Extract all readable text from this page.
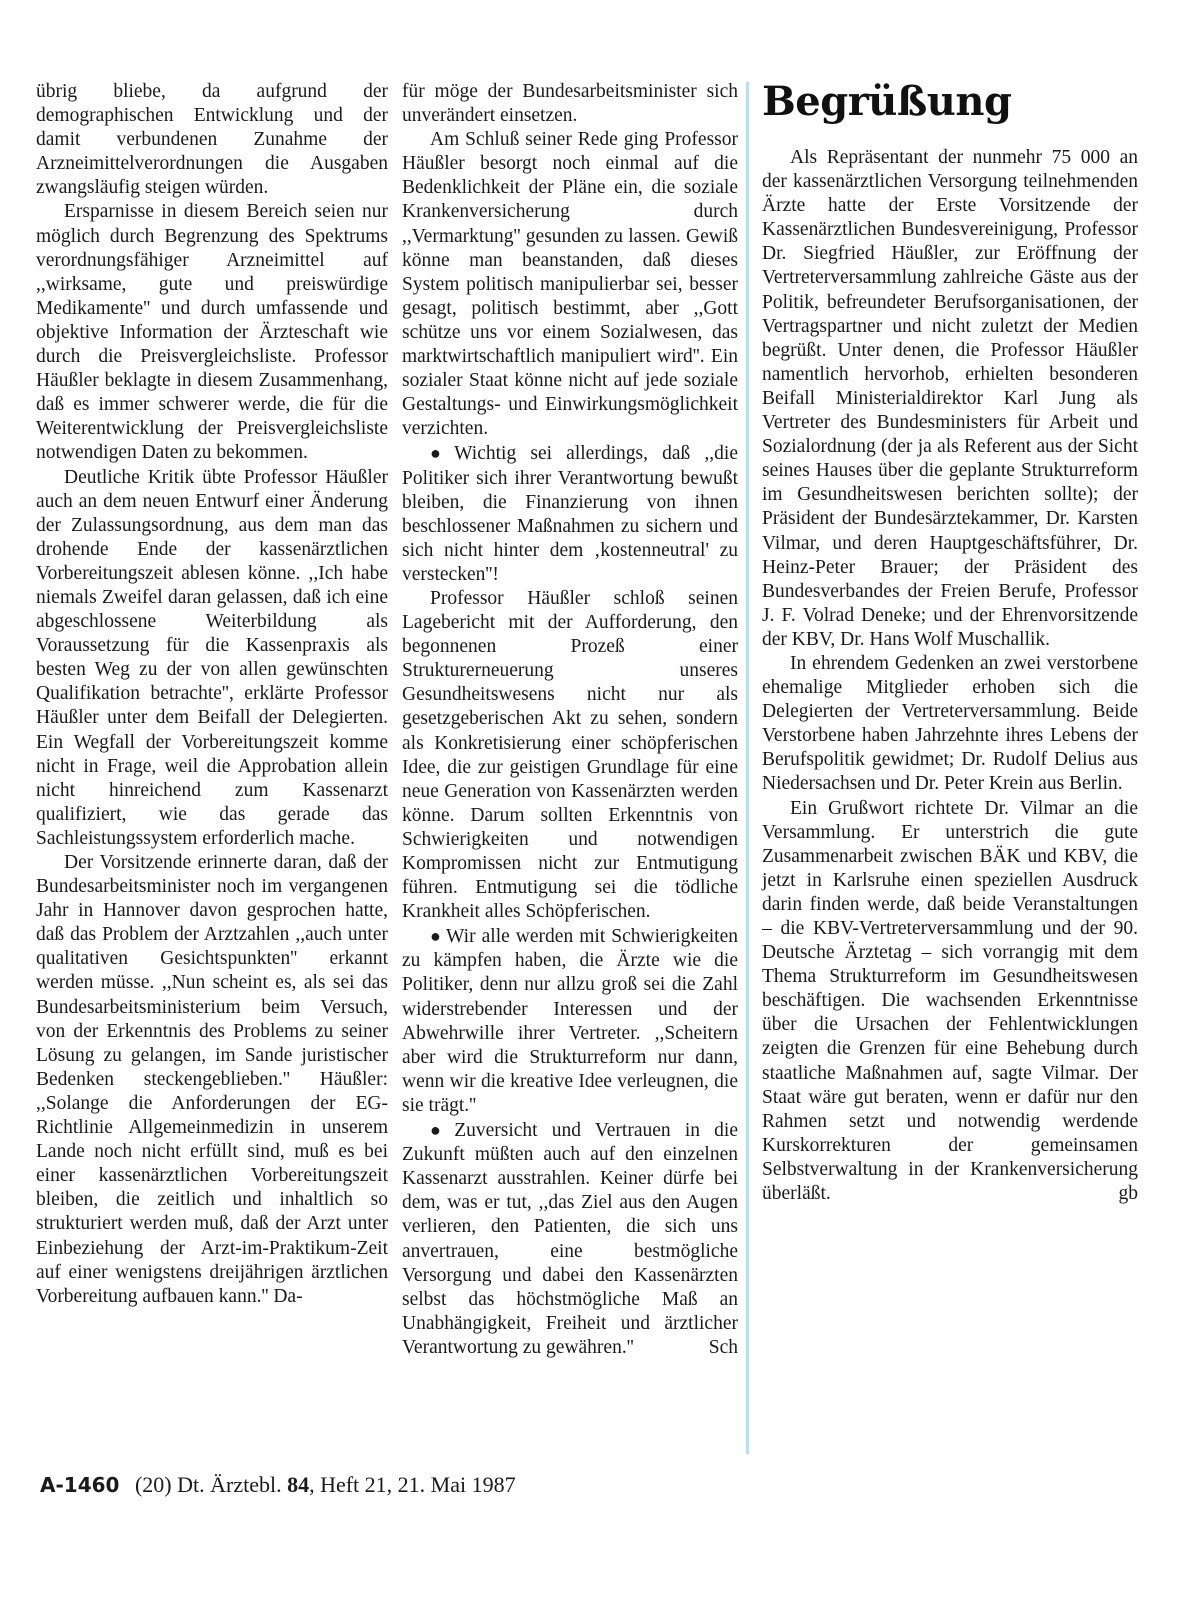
übrig bliebe, da aufgrund der demographischen Entwicklung und der damit verbundenen Zunahme der Arzneimittelverordnungen die Ausgaben zwangsläufig steigen würden.

Ersparnisse in diesem Bereich seien nur möglich durch Begrenzung des Spektrums verordnungsfähiger Arzneimittel auf ,,wirksame, gute und preiswürdige Medikamente'' und durch umfassende und objektive Information der Ärzteschaft wie durch die Preisvergleichsliste. Professor Häußler beklagte in diesem Zusammenhang, daß es immer schwerer werde, die für die Weiterentwicklung der Preisvergleichsliste notwendigen Daten zu bekommen.

Deutliche Kritik übte Professor Häußler auch an dem neuen Entwurf einer Änderung der Zulassungsordnung, aus dem man das drohende Ende der kassenärztlichen Vorbereitungszeit ablesen könne. ,,Ich habe niemals Zweifel daran gelassen, daß ich eine abgeschlossene Weiterbildung als Voraussetzung für die Kassenpraxis als besten Weg zu der von allen gewünschten Qualifikation betrachte'', erklärte Professor Häußler unter dem Beifall der Delegierten. Ein Wegfall der Vorbereitungszeit komme nicht in Frage, weil die Approbation allein nicht hinreichend zum Kassenarzt qualifiziert, wie das gerade das Sachleistungssystem erforderlich mache.

Der Vorsitzende erinnerte daran, daß der Bundesarbeitsminister noch im vergangenen Jahr in Hannover davon gesprochen hatte, daß das Problem der Arztzahlen ,,auch unter qualitativen Gesichtspunkten'' erkannt werden müsse. ,,Nun scheint es, als sei das Bundesarbeitsministerium beim Versuch, von der Erkenntnis des Problems zu seiner Lösung zu gelangen, im Sande juristischer Bedenken steckengeblieben.'' Häußler: ,,Solange die Anforderungen der EG-Richtlinie Allgemeinmedizin in unserem Lande noch nicht erfüllt sind, muß es bei einer kassenärztlichen Vorbereitungszeit bleiben, die zeitlich und inhaltlich so strukturiert werden muß, daß der Arzt unter Einbeziehung der Arzt-im-Praktikum-Zeit auf einer wenigstens dreijährigen ärztlichen Vorbereitung aufbauen kann.'' Da-

für möge der Bundesarbeitsminister sich unverändert einsetzen.

Am Schluß seiner Rede ging Professor Häußler besorgt noch einmal auf die Bedenklichkeit der Pläne ein, die soziale Krankenversicherung durch ,,Vermarktung'' gesunden zu lassen. Gewiß könne man beanstanden, daß dieses System politisch manipulierbar sei, besser gesagt, politisch bestimmt, aber ,,Gott schütze uns vor einem Sozialwesen, das marktwirtschaftlich manipuliert wird''. Ein sozialer Staat könne nicht auf jede soziale Gestaltungs- und Einwirkungsmöglichkeit verzichten.

● Wichtig sei allerdings, daß ,,die Politiker sich ihrer Verantwortung bewußt bleiben, die Finanzierung von ihnen beschlossener Maßnahmen zu sichern und sich nicht hinter dem ‚kostenneutral' zu verstecken''!

Professor Häußler schloß seinen Lagebericht mit der Aufforderung, den begonnenen Prozeß einer Strukturerneuerung unseres Gesundheitswesens nicht nur als gesetzgeberischen Akt zu sehen, sondern als Konkretisierung einer schöpferischen Idee, die zur geistigen Grundlage für eine neue Generation von Kassenärzten werden könne. Darum sollten Erkenntnis von Schwierigkeiten und notwendigen Kompromissen nicht zur Entmutigung führen. Entmutigung sei die tödliche Krankheit alles Schöpferischen.

● Wir alle werden mit Schwierigkeiten zu kämpfen haben, die Ärzte wie die Politiker, denn nur allzu groß sei die Zahl widerstrebender Interessen und der Abwehrwille ihrer Vertreter. ,,Scheitern aber wird die Strukturreform nur dann, wenn wir die kreative Idee verleugnen, die sie trägt.''

● Zuversicht und Vertrauen in die Zukunft müßten auch auf den einzelnen Kassenarzt ausstrahlen. Keiner dürfe bei dem, was er tut, ,,das Ziel aus den Augen verlieren, den Patienten, die sich uns anvertrauen, eine bestmögliche Versorgung und dabei den Kassenärzten selbst das höchstmögliche Maß an Unabhängigkeit, Freiheit und ärztlicher Verantwortung zu gewähren.''	Sch

Begrüßung

Als Repräsentant der nunmehr 75 000 an der kassenärztlichen Versorgung teilnehmenden Ärzte hatte der Erste Vorsitzende der Kassenärztlichen Bundesvereinigung, Professor Dr. Siegfried Häußler, zur Eröffnung der Vertreterversammlung zahlreiche Gäste aus der Politik, befreundeter Berufsorganisationen, der Vertragspartner und nicht zuletzt der Medien begrüßt. Unter denen, die Professor Häußler namentlich hervorhob, erhielten besonderen Beifall Ministerialdirektor Karl Jung als Vertreter des Bundesministers für Arbeit und Sozialordnung (der ja als Referent aus der Sicht seines Hauses über die geplante Strukturreform im Gesundheitswesen berichten sollte); der Präsident der Bundesärztekammer, Dr. Karsten Vilmar, und deren Hauptgeschäftsführer, Dr. Heinz-Peter Brauer; der Präsident des Bundesverbandes der Freien Berufe, Professor J. F. Volrad Deneke; und der Ehrenvorsitzende der KBV, Dr. Hans Wolf Muschallik.

In ehrendem Gedenken an zwei verstorbene ehemalige Mitglieder erhoben sich die Delegierten der Vertreterversammlung. Beide Verstorbene haben Jahrzehnte ihres Lebens der Berufspolitik gewidmet; Dr. Rudolf Delius aus Niedersachsen und Dr. Peter Krein aus Berlin.

Ein Grußwort richtete Dr. Vilmar an die Versammlung. Er unterstrich die gute Zusammenarbeit zwischen BÄK und KBV, die jetzt in Karlsruhe einen speziellen Ausdruck darin finden werde, daß beide Veranstaltungen – die KBV-Vertreterversammlung und der 90. Deutsche Ärztetag – sich vorrangig mit dem Thema Strukturreform im Gesundheitswesen beschäftigen. Die wachsenden Erkenntnisse über die Ursachen der Fehlentwicklungen zeigten die Grenzen für eine Behebung durch staatliche Maßnahmen auf, sagte Vilmar. Der Staat wäre gut beraten, wenn er dafür nur den Rahmen setzt und notwendig werdende Kurskorrekturen der gemeinsamen Selbstverwaltung in der Krankenversicherung überläßt.	gb

A-1460 (20) Dt. Ärztebl. 84, Heft 21, 21. Mai 1987
